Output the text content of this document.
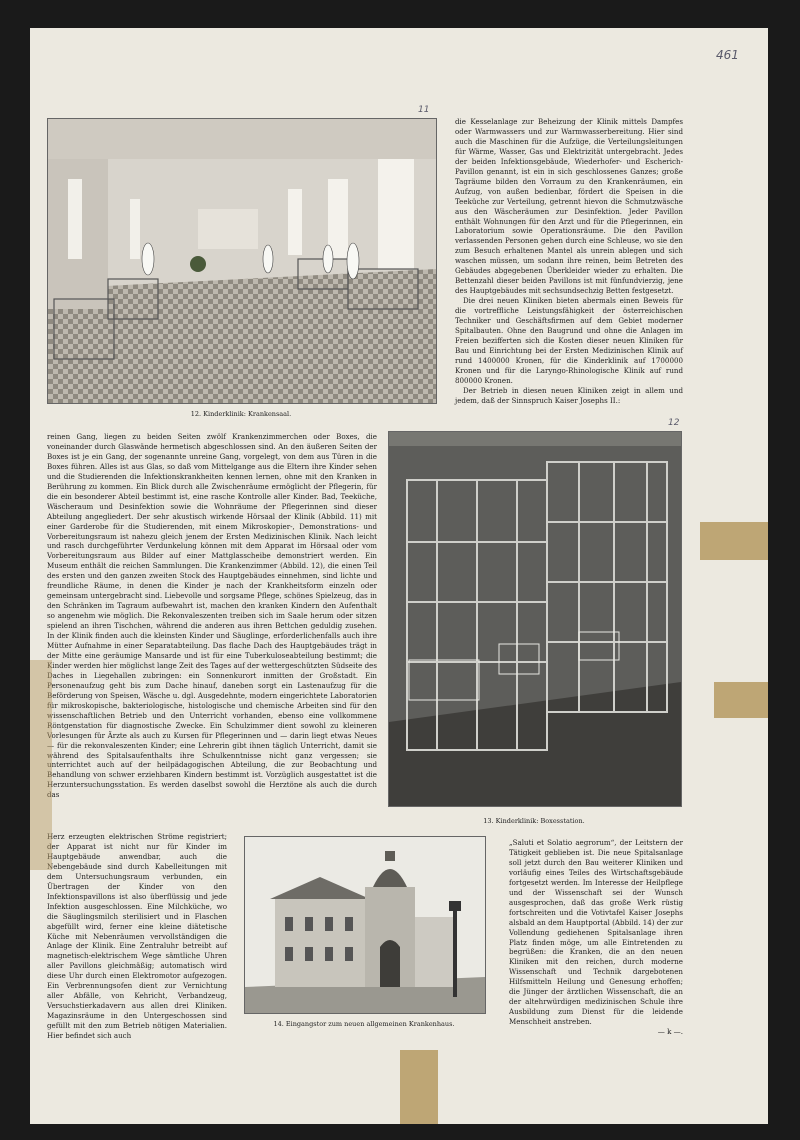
461
11
12
12. Kinderklinik: Krankensaal.

die Kesselanlage zur Beheizung der Klinik mittels Dampfes oder Warmwassers und zur Warmwasserbereitung. Hier sind auch die Maschinen für die Aufzüge, die Verteilungsleitungen für Wärme, Wasser, Gas und Elektrizität untergebracht. Jedes der beiden Infektionsgebäude, Wiederhofer- und Escherich-Pavillon genannt, ist ein in sich geschlossenes Ganzes; große Tagräume bilden den Vorraum zu den Krankenräumen, ein Aufzug, von außen bedienbar, fördert die Speisen in die Teeküche zur Verteilung, getrennt hievon die Schmutzwäsche aus den Wäscheräumen zur Desinfektion. Jeder Pavillon enthält Wohnungen für den Arzt und für die Pflegerinnen, ein Laboratorium sowie Operationsräume. Die den Pavillon verlassenden Personen gehen durch eine Schleuse, wo sie den zum Besuch erhaltenen Mantel als unrein ablegen und sich waschen müssen, um sodann ihre reinen, beim Betreten des Gebäudes abgegebenen Überkleider wieder zu erhalten. Die Bettenzahl dieser beiden Pavillons ist mit fünfundvierzig, jene des Hauptgebäudes mit sechsundsechzig Betten festgesetzt.

Die drei neuen Kliniken bieten abermals einen Beweis für die vortreffliche Leistungsfähigkeit der österreichischen Techniker und Geschäftsfirmen auf dem Gebiet moderner Spitalbauten. Ohne den Baugrund und ohne die Anlagen im Freien bezifferten sich die Kosten dieser neuen Kliniken für Bau und Einrichtung bei der Ersten Medizinischen Klinik auf rund 1400000 Kronen, für die Kinderklinik auf 1700000 Kronen und für die Laryngo-Rhinologische Klinik auf rund 800000 Kronen.

Der Betrieb in diesen neuen Kliniken zeigt in allem und jedem, daß der Sinnspruch Kaiser Josephs II.:

reinen Gang, liegen zu beiden Seiten zwölf Krankenzimmerchen oder Boxes, die voneinander durch Glaswände hermetisch abgeschlossen sind. An den äußeren Seiten der Boxes ist je ein Gang, der sogenannte unreine Gang, vorgelegt, von dem aus Türen in die Boxes führen. Alles ist aus Glas, so daß vom Mittelgange aus die Eltern ihre Kinder sehen und die Studierenden die Infektionskrankheiten kennen lernen, ohne mit den Kranken in Berührung zu kommen. Ein Blick durch alle Zwischenräume ermöglicht der Pflegerin, für die ein besonderer Abteil bestimmt ist, eine rasche Kontrolle aller Kinder. Bad, Teeküche, Wäscheraum und Desinfektion sowie die Wohnräume der Pflegerinnen sind dieser Abteilung angegliedert. Der sehr akustisch wirkende Hörsaal der Klinik (Abbild. 11) mit einer Garderobe für die Studierenden, mit einem Mikroskopier-, Demonstrations- und Vorbereitungsraum ist nahezu gleich jenem der Ersten Medizinischen Klinik. Nach leicht und rasch durchgeführter Verdunkelung können mit dem Apparat im Hörsaal oder vom Vorbereitungsraum aus Bilder auf einer Mattglasscheibe demonstriert werden. Ein Museum enthält die reichen Sammlungen. Die Krankenzimmer (Abbild. 12), die einen Teil des ersten und den ganzen zweiten Stock des Hauptgebäudes einnehmen, sind lichte und freundliche Räume, in denen die Kinder je nach der Krankheitsform einzeln oder gemeinsam untergebracht sind. Liebevolle und sorgsame Pflege, schönes Spielzeug, das in den Schränken im Tagraum aufbewahrt ist, machen den kranken Kindern den Aufenthalt so angenehm wie möglich. Die Rekonvaleszenten treiben sich im Saale herum oder sitzen spielend an ihren Tischchen, während die anderen aus ihren Bettchen geduldig zusehen. In der Klinik finden auch die kleinsten Kinder und Säuglinge, erforderlichenfalls auch ihre Mütter Aufnahme in einer Separatabteilung. Das flache Dach des Hauptgebäudes trägt in der Mitte eine geräumige Mansarde und ist für eine Tuberkuloseabteilung bestimmt; die Kinder werden hier möglichst lange Zeit des Tages auf der wettergeschützten Südseite des Daches in Liegehallen zubringen: ein Sonnenkurort inmitten der Großstadt. Ein Personenaufzug geht bis zum Dache hinauf, daneben sorgt ein Lastenaufzug für die Beförderung von Speisen, Wäsche u. dgl. Ausgedehnte, modern eingerichtete Laboratorien für mikroskopische, bakteriologische, histologische und chemische Arbeiten sind für den wissenschaftlichen Betrieb und den Unterricht vorhanden, ebenso eine vollkommene Röntgenstation für diagnostische Zwecke. Ein Schulzimmer dient sowohl zu kleineren Vorlesungen für Ärzte als auch zu Kursen für Pflegerinnen und — darin liegt etwas Neues — für die rekonvaleszenten Kinder; eine Lehrerin gibt ihnen täglich Unterricht, damit sie während des Spitalsaufenthalts ihre Schulkenntnisse nicht ganz vergessen; sie unterrichtet auch auf der heilpädagogischen Abteilung, die zur Beobachtung und Behandlung von schwer erziehbaren Kindern bestimmt ist. Vorzüglich ausgestattet ist die Herzuntersuchungsstation. Es werden daselbst sowohl die Herztöne als auch die durch das

13. Kinderklinik: Boxesstation.

Herz erzeugten elektrischen Ströme registriert; der Apparat ist nicht nur für Kinder im Hauptgebäude anwendbar, auch die Nebengebäude sind durch Kabelleitungen mit dem Untersuchungsraum verbunden, ein Übertragen der Kinder von den Infektionspavillons ist also überflüssig und jede Infektion ausgeschlossen. Eine Milchküche, wo die Säuglingsmilch sterilisiert und in Flaschen abgefüllt wird, ferner eine kleine diätetische Küche mit Nebenräumen vervollständigen die Anlage der Klinik. Eine Zentraluhr betreibt auf magnetisch-elektrischem Wege sämtliche Uhren aller Pavillons gleichmäßig; automatisch wird diese Uhr durch einen Elektromotor aufgezogen. Ein Verbrennungsofen dient zur Vernichtung aller Abfälle, von Kehricht, Verbandzeug, Versuchstierkadavern aus allen drei Kliniken. Magazinsräume in den Untergeschossen sind gefüllt mit den zum Betrieb nötigen Materialien. Hier befindet sich auch

14. Eingangstor zum neuen allgemeinen Krankenhaus.

„Saluti et Solatio aegrorum“, der Leitstern der Tätigkeit geblieben ist. Die neue Spitalsanlage soll jetzt durch den Bau weiterer Kliniken und vorläufig eines Teiles des Wirtschaftsgebäude fortgesetzt werden. Im Interesse der Heilpflege und der Wissenschaft sei der Wunsch ausgesprochen, daß das große Werk rüstig fortschreiten und die Votivtafel Kaiser Josephs alsbald an dem Hauptportal (Abbild. 14) der zur Vollendung gediehenen Spitalsanlage ihren Platz finden möge, um alle Eintretenden zu begrüßen: die Kranken, die an den neuen Kliniken mit den reichen, durch moderne Wissenschaft und Technik dargebotenen Hilfsmitteln Heilung und Genesung erhoffen; die Jünger der ärztlichen Wissenschaft, die an der altehrwürdigen medizinischen Schule ihre Ausbildung zum Dienst für die leidende Menschheit anstreben.

— k —.
